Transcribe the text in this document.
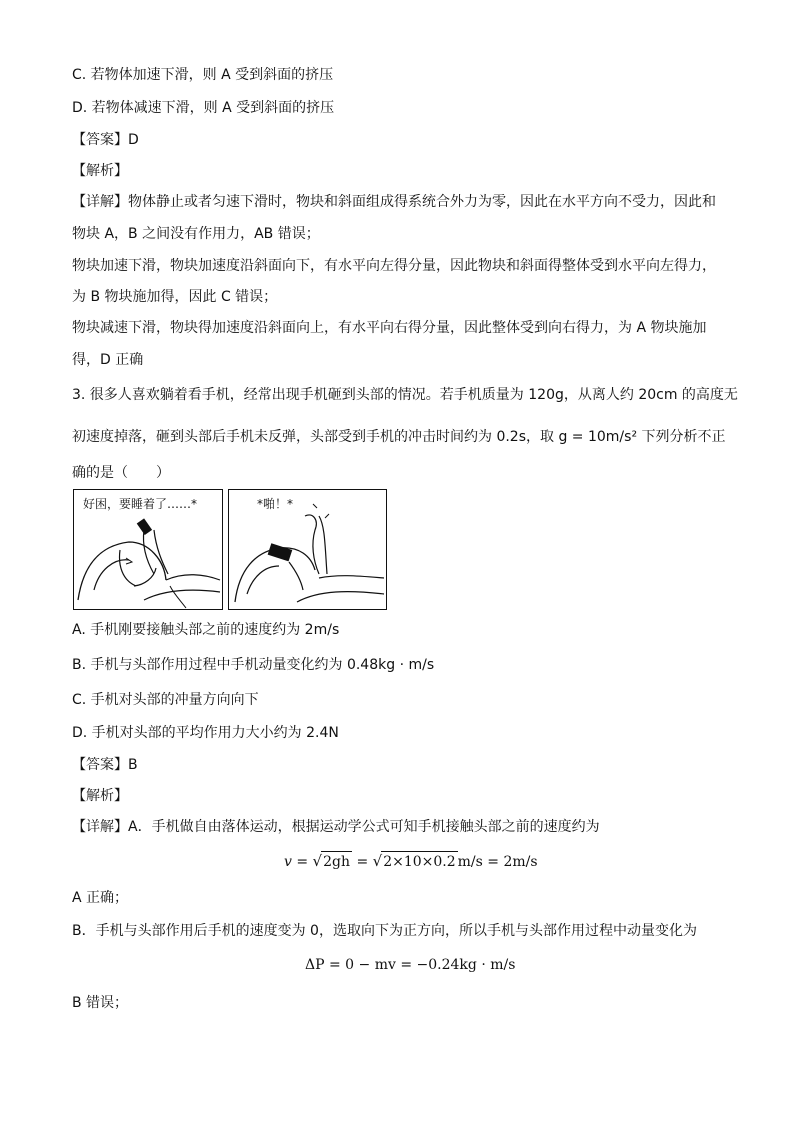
C. 若物体加速下滑，则 A 受到斜面的挤压
D. 若物体减速下滑，则 A 受到斜面的挤压
【答案】D
【解析】
【详解】物体静止或者匀速下滑时，物块和斜面组成得系统合外力为零，因此在水平方向不受力，因此和
物块 A，B 之间没有作用力，AB 错误；
物块加速下滑，物块加速度沿斜面向下，有水平向左得分量，因此物块和斜面得整体受到水平向左得力，
为 B 物块施加得，因此 C 错误；
物块减速下滑，物块得加速度沿斜面向上，有水平向右得分量，因此整体受到向右得力，为 A 物块施加
得，D 正确
3. 很多人喜欢躺着看手机，经常出现手机砸到头部的情况。若手机质量为 120g，从离人约 20cm 的高度无
初速度掉落，砸到头部后手机未反弹，头部受到手机的冲击时间约为 0.2s，取 g = 10m/s² 下列分析不正
确的是（　　）
好困，要睡着了……*	*啪！*
A. 手机刚要接触头部之前的速度约为 2m/s
B. 手机与头部作用过程中手机动量变化约为 0.48kg · m/s
C. 手机对头部的冲量方向向下
D. 手机对头部的平均作用力大小约为 2.4N
【答案】B
【解析】
【详解】A．手机做自由落体运动，根据运动学公式可知手机接触头部之前的速度约为
v = √2gh = √2×10×0.2 m/s = 2m/s
A 正确；
B．手机与头部作用后手机的速度变为 0，选取向下为正方向，所以手机与头部作用过程中动量变化为
ΔP = 0 − mv = −0.24kg · m/s
B 错误；
